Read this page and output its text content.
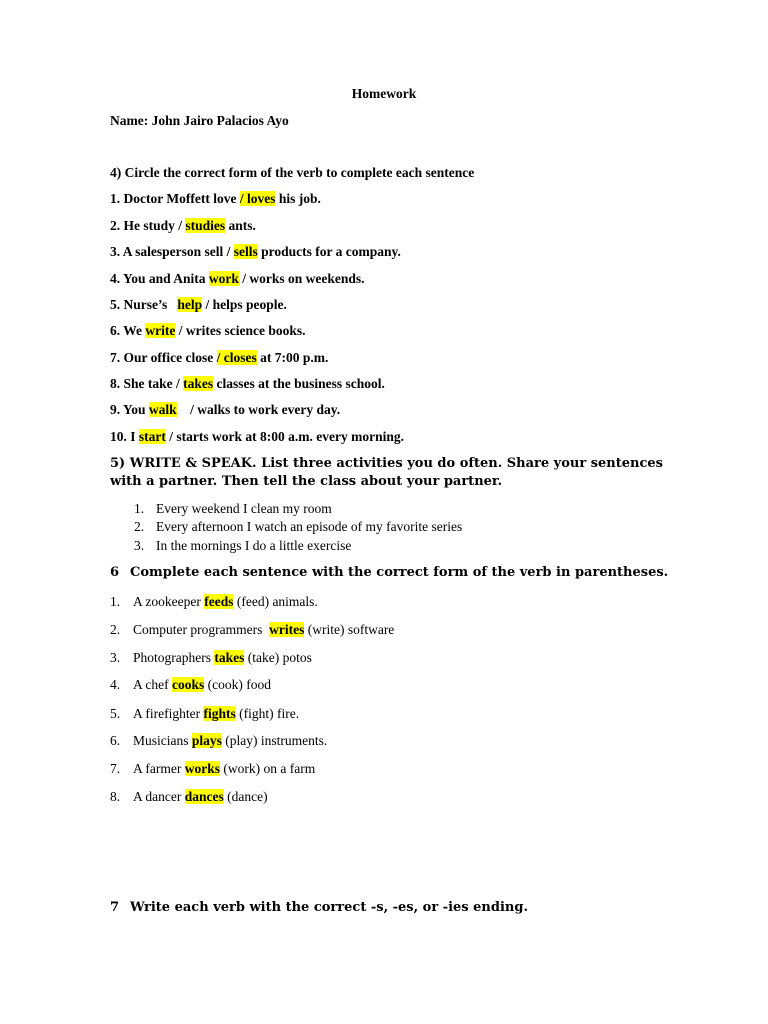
Homework
Name: John Jairo Palacios Ayo
4) Circle the correct form of the verb to complete each sentence
1. Doctor Moffett love / loves his job.
2. He study / studies ants.
3. A salesperson sell / sells products for a company.
4. You and Anita work / works on weekends.
5. Nurse’s   help / helps people.
6. We write / writes science books.
7. Our office close / closes at 7:00 p.m.
8. She take / takes classes at the business school.
9. You walk    / walks to work every day.
10. I start / starts work at 8:00 a.m. every morning.
5) WRITE & SPEAK. List three activities you do often. Share your sentences with a partner. Then tell the class about your partner.
1. Every weekend I clean my room
2. Every afternoon I watch an episode of my favorite series
3. In the mornings I do a little exercise
6 Complete each sentence with the correct form of the verb in parentheses.
1. A zookeeper feeds (feed) animals.
2. Computer programmers  writes (write) software
3. Photographers takes (take) potos
4. A chef cooks (cook) food
5. A firefighter fights (fight) fire.
6. Musicians plays (play) instruments.
7. A farmer works (work) on a farm
8. A dancer dances (dance)
7 Write each verb with the correct -s, -es, or -ies ending.
